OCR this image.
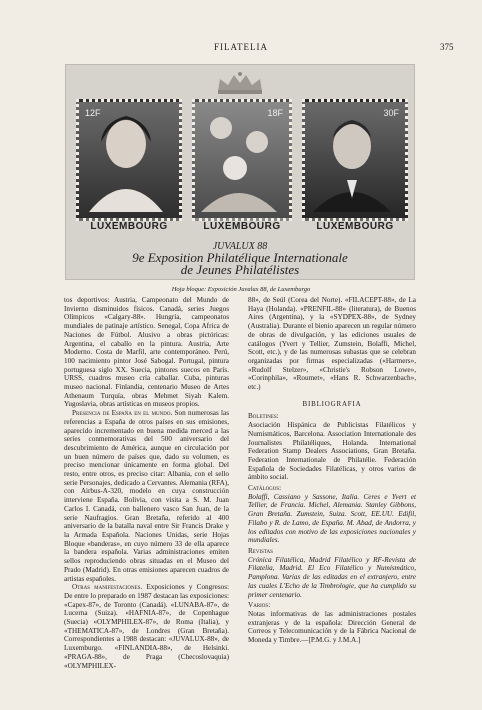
FILATELIA	375
12F
LUXEMBOURG
18F
LUXEMBOURG
30F
LUXEMBOURG
JUVALUX 88
9e Exposition Philatélique Internationale
de Jeunes Philatélistes
Hoja bloque: Exposición Juvalux 88, de Luxemburgo

tos deportivos: Austria, Campeonato del Mundo de Invierno disminuidos físicos. Canadá, series Juegos Olímpicos «Calgary-88». Hungría, campeonatos mundiales de patinaje artístico. Senegal, Copa Africa de Naciones de Fútbol. Alusivo a obras pictóricas: Argentina, el caballo en la pintura. Austria, Arte Moderno. Costa de Marfil, arte contemporáneo. Perú, 100 nacimiento pintor José Sabogal. Portugal, pintura portuguesa siglo XX. Suecia, pintores suecos en París. URSS, cuadros museo cría caballar. Cuba, pinturas museo nacional. Finlandia, centenario Museo de Artes Athenaum Turquía, obras Mehmet Siyah Kalem. Yugoslavia, obras artísticas en museos propios.

Presencia de España en el mundo. Son numerosas las referencias a España de otros países en sus emisiones, aparecido incrementado en buena medida merced a las series conmemorativas del 500 aniversario del descubrimiento de América, aunque en circulación por un buen número de países que, dado su volumen, es preciso mencionar únicamente en forma global. Del resto, entre otros, es preciso citar: Albania, con el sello serie Personajes, dedicado a Cervantes. Alemania (RFA), con Airbus-A-320, modelo en cuya construcción interviene España. Bolivia, con visita a S. M. Juan Carlos I. Canadá, con ballenero vasco San Juan, de la serie Naufragios. Gran Bretaña, referido al 400 aniversario de la batalla naval entre Sir Francis Drake y la Armada Española. Naciones Unidas, serie Hojas Bloque «banderas», en cuyo número 33 de ella aparece la bandera española. Varias administraciones emiten sellos reproduciendo obras situadas en el Museo del Prado (Madrid). En otras emisiones aparecen cuadros de artistas españoles.

Otras manifestaciones. Exposiciones y Congresos: De entre lo preparado en 1987 destacan las exposiciones: «Capex-87», de Toronto (Canadá). «LUNABA-87», de Lucerna (Suiza). «HAFNIA-87», de Copenhague (Suecia) «OLYMPHILEX-87», de Roma (Italia), y «THEMATICA-87», de Londres (Gran Bretaña). Correspondientes a 1988 destacan: «JUVALUX-88», de Luxemburgo. «FINLANDIA-88», de Helsinki. «PRAGA-88», de Praga (Checoslovaquia) «OLYMPHILEX-

88», de Seúl (Corea del Norte). «FILACEPT-88», de La Haya (Holanda). «PRENFIL-88» (literatura), de Buenos Aires (Argentina), y la «SYDPEX-88», de Sydney (Australia). Durante el bienio aparecen un regular número de obras de divulgación, y las ediciones usuales de catálogos (Yvert y Tellier, Zumstein, Bolaffi, Michel, Scott, etc.), y de las numerosas subastas que se celebran organizadas por firmas especializadas («Harmers», «Rudolf Stelzer», «Christie's Robson Lowe», «Corinphila», «Roumet», «Hans R. Schwarzenbach», etc.)

BIBLIOGRAFIA
Boletines:

Asociación Hispánica de Publicistas Filatélicos y Numismáticos, Barcelona. Association Internationale des Journalistes Philatéliques, Holanda. International Federation Stamp Dealers Associations, Gran Bretaña. Federation Internationale de Philatélie. Federación Española de Sociedades Filatélicas, y otros varios de ámbito social.

Catálogos:

Bolaffi, Cassiano y Sassone, Italia. Ceres e Yvert et Tellier, de Francia. Michel, Alemania. Stanley Gibbons, Gran Bretaña. Zumstein, Suiza. Scott, EE.UU. Edifil, Filabo y R. de Lamo, de España. M. Abad, de Andorra, y los editados con motivo de las exposiciones nacionales y mundiales.

Revistas

Crónica Filatélica, Madrid Filatélico y RF-Revista de Filatelia, Madrid. El Eco Filatélico y Numismático, Pamplona. Varias de las editadas en el extranjero, entre las cuales L'Echo de la Timbrologie, que ha cumplido su primer centenario.

Varios:

Notas informativas de las administraciones postales extranjeras y de la española: Dirección General de Correos y Telecomunicación y de la Fábrica Nacional de Moneda y Timbre.—[P.M.G. y J.M.A.]
